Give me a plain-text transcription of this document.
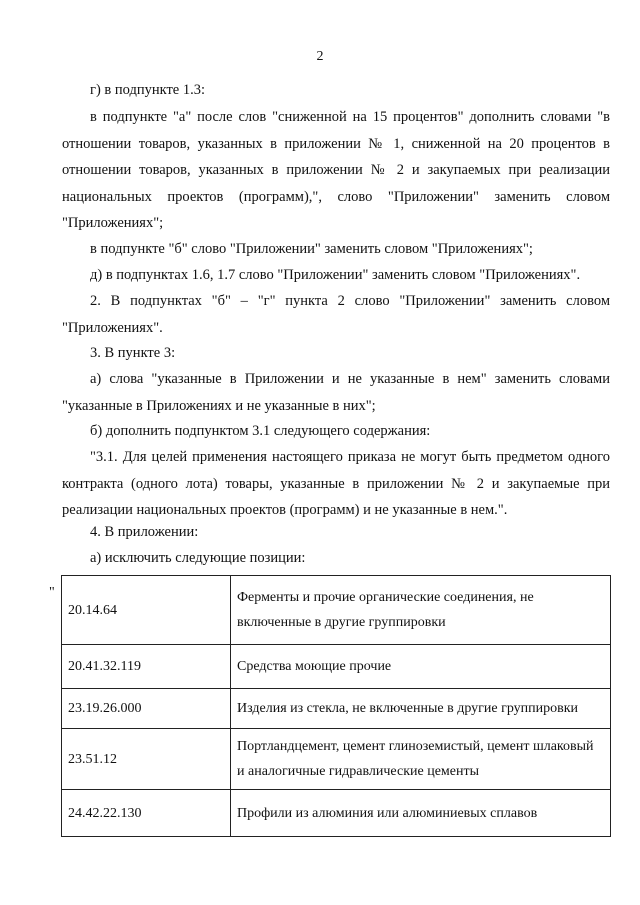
2

г) в подпункте 1.3:

в подпункте "а" после слов "сниженной на 15 процентов" дополнить словами "в отношении товаров, указанных в приложении № 1, сниженной на 20 процентов в отношении товаров, указанных в приложении № 2 и закупаемых при реализации национальных проектов (программ),", слово "Приложении" заменить словом "Приложениях";

в подпункте "б" слово "Приложении" заменить словом "Приложениях";

д) в подпунктах 1.6, 1.7 слово "Приложении" заменить словом "Приложениях".

2. В подпунктах "б" – "г" пункта 2 слово "Приложении" заменить словом "Приложениях".

3. В пункте 3:

а) слова "указанные в Приложении и не указанные в нем" заменить словами "указанные в Приложениях и не указанные в них";

б) дополнить подпунктом 3.1 следующего содержания:

"3.1. Для целей применения настоящего приказа не могут быть предметом одного контракта (одного лота) товары, указанные в приложении № 2 и закупаемые при реализации национальных проектов (программ) и не указанные в нем.".

4. В приложении:

а) исключить следующие позиции:

"
20.14.64	Ферменты и прочие органические соединения, не включенные в другие группировки
20.41.32.119	Средства моющие прочие
23.19.26.000	Изделия из стекла, не включенные в другие группировки
23.51.12	Портландцемент, цемент глиноземистый, цемент шлаковый и аналогичные гидравлические цементы
24.42.22.130	Профили из алюминия или алюминиевых сплавов
